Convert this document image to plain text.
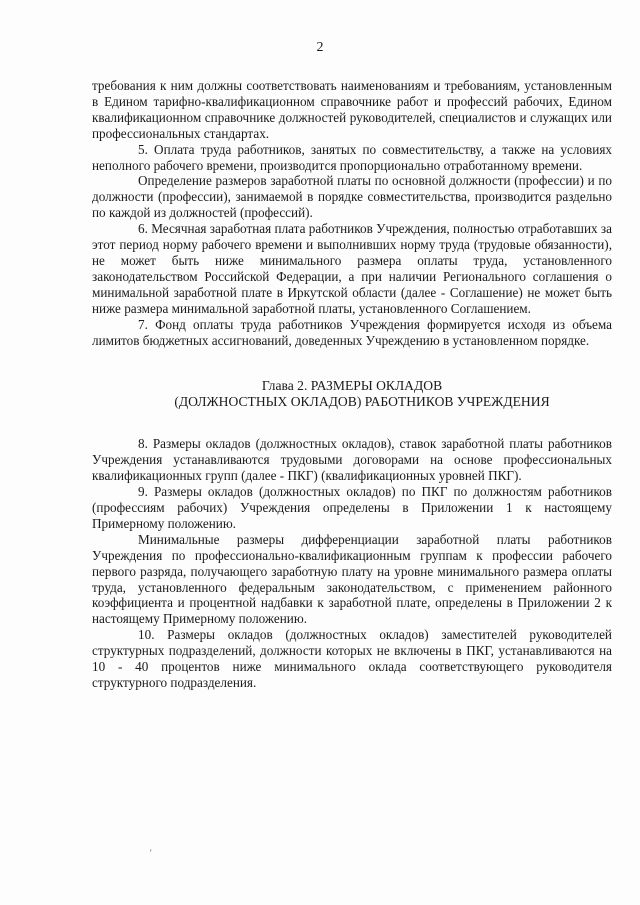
2

требования к ним должны соответствовать наименованиям и требованиям, установленным в Едином тарифно-квалификационном справочнике работ и профессий рабочих, Едином квалификационном справочнике должностей руководителей, специалистов и служащих или профессиональных стандартах.

5. Оплата труда работников, занятых по совместительству, а также на условиях неполного рабочего времени, производится пропорционально отработанному времени.

Определение размеров заработной платы по основной должности (профессии) и по должности (профессии), занимаемой в порядке совместительства, производится раздельно по каждой из должностей (профессий).

6. Месячная заработная плата работников Учреждения, полностью отработавших за этот период норму рабочего времени и выполнивших норму труда (трудовые обязанности), не может быть ниже минимального размера оплаты труда, установленного законодательством Российской Федерации, а при наличии Регионального соглашения о минимальной заработной плате в Иркутской области (далее - Соглашение) не может быть ниже размера минимальной заработной платы, установленного Соглашением.

7. Фонд оплаты труда работников Учреждения формируется исходя из объема лимитов бюджетных ассигнований, доведенных Учреждению в установленном порядке.

Глава 2. РАЗМЕРЫ ОКЛАДОВ
(ДОЛЖНОСТНЫХ ОКЛАДОВ) РАБОТНИКОВ УЧРЕЖДЕНИЯ

8. Размеры окладов (должностных окладов), ставок заработной платы работников Учреждения устанавливаются трудовыми договорами на основе профессиональных квалификационных групп (далее - ПКГ) (квалификационных уровней ПКГ).

9. Размеры окладов (должностных окладов) по ПКГ по должностям работников (профессиям рабочих) Учреждения определены в Приложении 1 к настоящему Примерному положению.

Минимальные размеры дифференциации заработной платы работников Учреждения по профессионально-квалификационным группам к профессии рабочего первого разряда, получающего заработную плату на уровне минимального размера оплаты труда, установленного федеральным законодательством, с применением районного коэффициента и процентной надбавки к заработной плате, определены в Приложении 2 к настоящему Примерному положению.

10. Размеры окладов (должностных окладов) заместителей руководителей структурных подразделений, должности которых не включены в ПКГ, устанавливаются на 10 - 40 процентов ниже минимального оклада соответствующего руководителя структурного подразделения.

'
